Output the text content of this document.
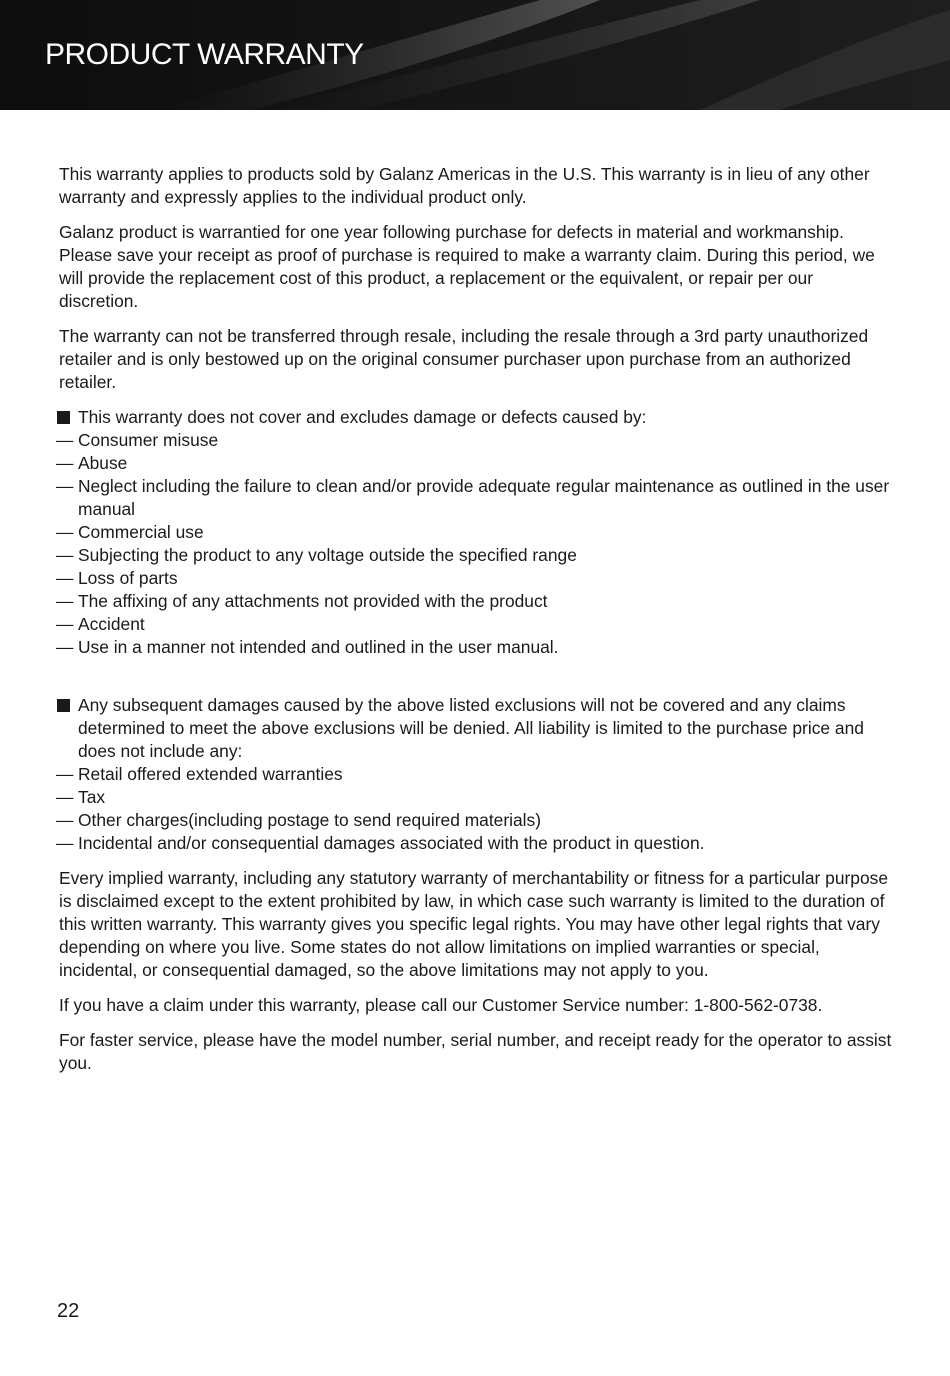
PRODUCT WARRANTY

This warranty applies to products sold by Galanz Americas in the U.S. This warranty is in lieu of any other warranty and expressly applies to the individual product only.

Galanz product is warrantied for one year following purchase for defects in material and workmanship. Please save your receipt as proof of purchase is required to make a warranty claim. During this period, we will provide the replacement cost of this product, a replacement or the equivalent, or repair per our discretion.

The warranty can not be transferred through resale, including the resale through a 3rd party unauthorized retailer and is only bestowed up on the original consumer purchaser upon purchase from an authorized retailer.

This warranty does not cover and excludes damage or defects caused by:
— Consumer misuse
— Abuse
— Neglect including the failure to clean and/or provide adequate regular maintenance as outlined in the user manual
— Commercial use
— Subjecting the product to any voltage outside the specified range
— Loss of parts
— The affixing of any attachments not provided with the product
— Accident
— Use in a manner not intended and outlined in the user manual.
Any subsequent damages caused by the above listed exclusions will not be covered and any claims determined to meet the above exclusions will be denied. All liability is limited to the purchase price and does not include any:
— Retail offered extended warranties
— Tax
— Other charges(including postage to send required materials)
— Incidental and/or consequential damages associated with the product in question.

Every implied warranty, including any statutory warranty of merchantability or fitness for a particular purpose is disclaimed except to the extent prohibited by law, in which case such warranty is limited to the duration of this written warranty. This warranty gives you specific legal rights. You may have other legal rights that vary depending on where you live. Some states do not allow limitations on implied warranties or special, incidental, or consequential damaged, so the above limitations may not apply to you.

If you have a claim under this warranty, please call our Customer Service number: 1-800-562-0738.

For faster service, please have the model number, serial number, and receipt ready for the operator to assist you.

22
